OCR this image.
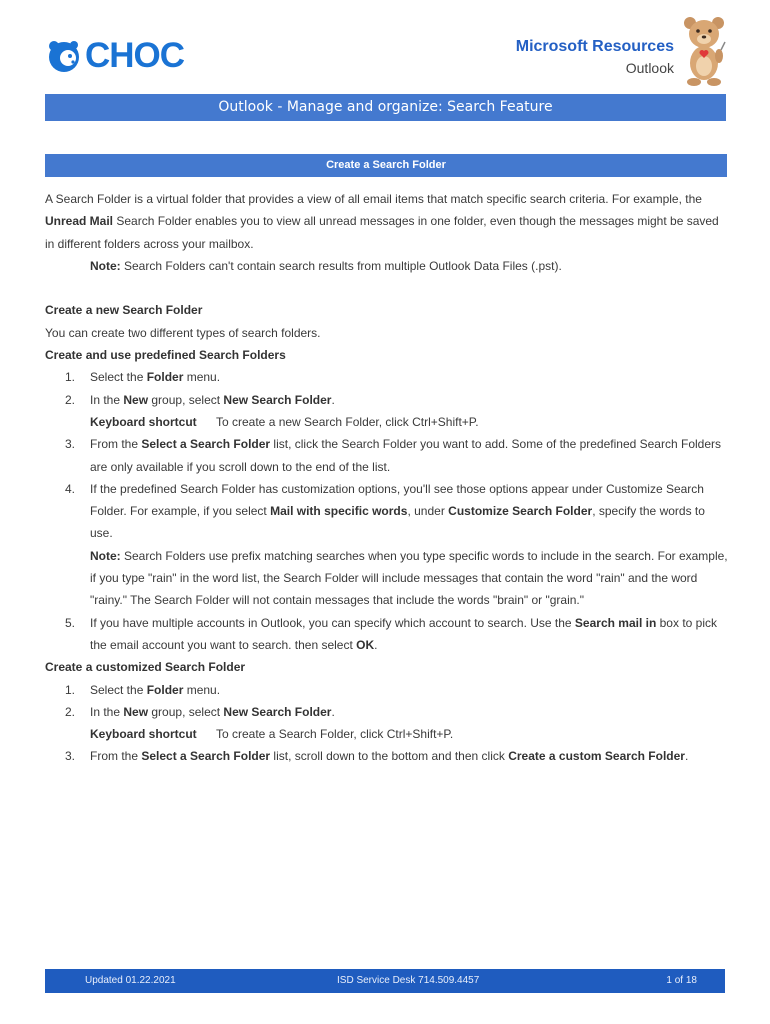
CHOC	Microsoft Resources
Outlook
Outlook - Manage and organize: Search Feature
Create a Search Folder
A Search Folder is a virtual folder that provides a view of all email items that match specific search criteria. For example, the Unread Mail Search Folder enables you to view all unread messages in one folder, even though the messages might be saved in different folders across your mailbox.
Note: Search Folders can't contain search results from multiple Outlook Data Files (.pst).
Create a new Search Folder
You can create two different types of search folders.
Create and use predefined Search Folders
1. Select the Folder menu.
2. In the New group, select New Search Folder.
Keyboard shortcut To create a new Search Folder, click Ctrl+Shift+P.
3. From the Select a Search Folder list, click the Search Folder you want to add. Some of the predefined Search Folders are only available if you scroll down to the end of the list.
4. If the predefined Search Folder has customization options, you'll see those options appear under Customize Search Folder. For example, if you select Mail with specific words, under Customize Search Folder, specify the words to use.
Note: Search Folders use prefix matching searches when you type specific words to include in the search. For example, if you type "rain" in the word list, the Search Folder will include messages that contain the word "rain" and the word "rainy." The Search Folder will not contain messages that include the words "brain" or "grain."
5. If you have multiple accounts in Outlook, you can specify which account to search. Use the Search mail in box to pick the email account you want to search. then select OK.
Create a customized Search Folder
1. Select the Folder menu.
2. In the New group, select New Search Folder.
Keyboard shortcut To create a Search Folder, click Ctrl+Shift+P.
3. From the Select a Search Folder list, scroll down to the bottom and then click Create a custom Search Folder.
Updated 01.22.2021	ISD Service Desk 714.509.4457	1 of 18
